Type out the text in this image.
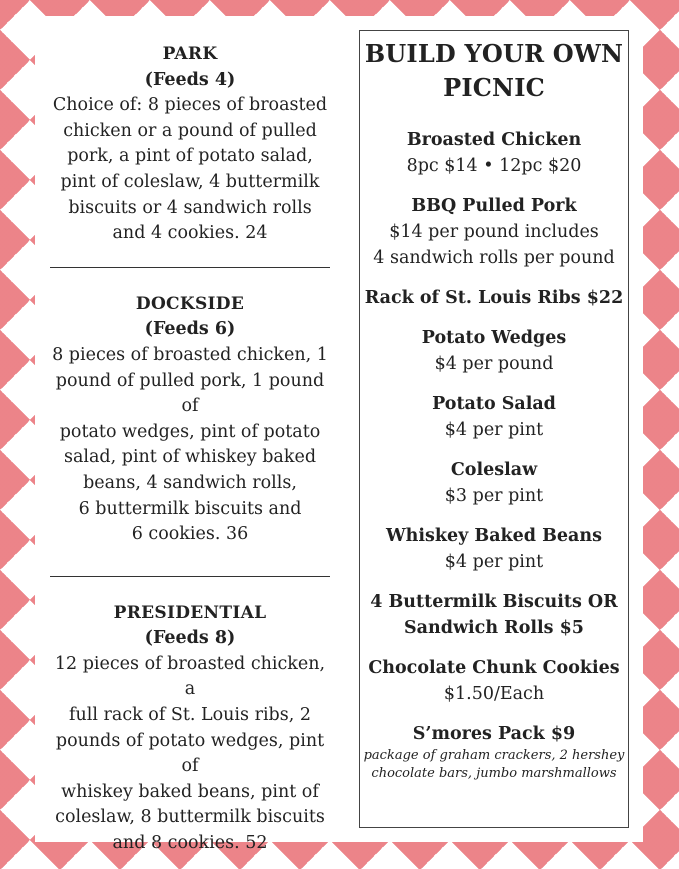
PARK
(Feeds 4)
Choice of: 8 pieces of broasted
chicken or a pound of pulled
pork, a pint of potato salad,
pint of coleslaw, 4 buttermilk
biscuits or 4 sandwich rolls
and 4 cookies. 24
DOCKSIDE
(Feeds 6)
8 pieces of broasted chicken, 1
pound of pulled pork, 1 pound of
potato wedges, pint of potato
salad, pint of whiskey baked
beans, 4 sandwich rolls,
6 buttermilk biscuits and
6 cookies. 36
PRESIDENTIAL
(Feeds 8)
12 pieces of broasted chicken, a
full rack of St. Louis ribs, 2
pounds of potato wedges, pint of
whiskey baked beans, pint of
coleslaw, 8 buttermilk biscuits
and 8 cookies. 52
BUILD YOUR OWN
PICNIC
Broasted Chicken
8pc $14 • 12pc $20
BBQ Pulled Pork
$14 per pound includes
4 sandwich rolls per pound
Rack of St. Louis Ribs $22
Potato Wedges
$4 per pound
Potato Salad
$4 per pint
Coleslaw
$3 per pint
Whiskey Baked Beans
$4 per pint
4 Buttermilk Biscuits OR
Sandwich Rolls $5
Chocolate Chunk Cookies
$1.50/Each
S’mores Pack $9
package of graham crackers, 2 hershey
chocolate bars, jumbo marshmallows
